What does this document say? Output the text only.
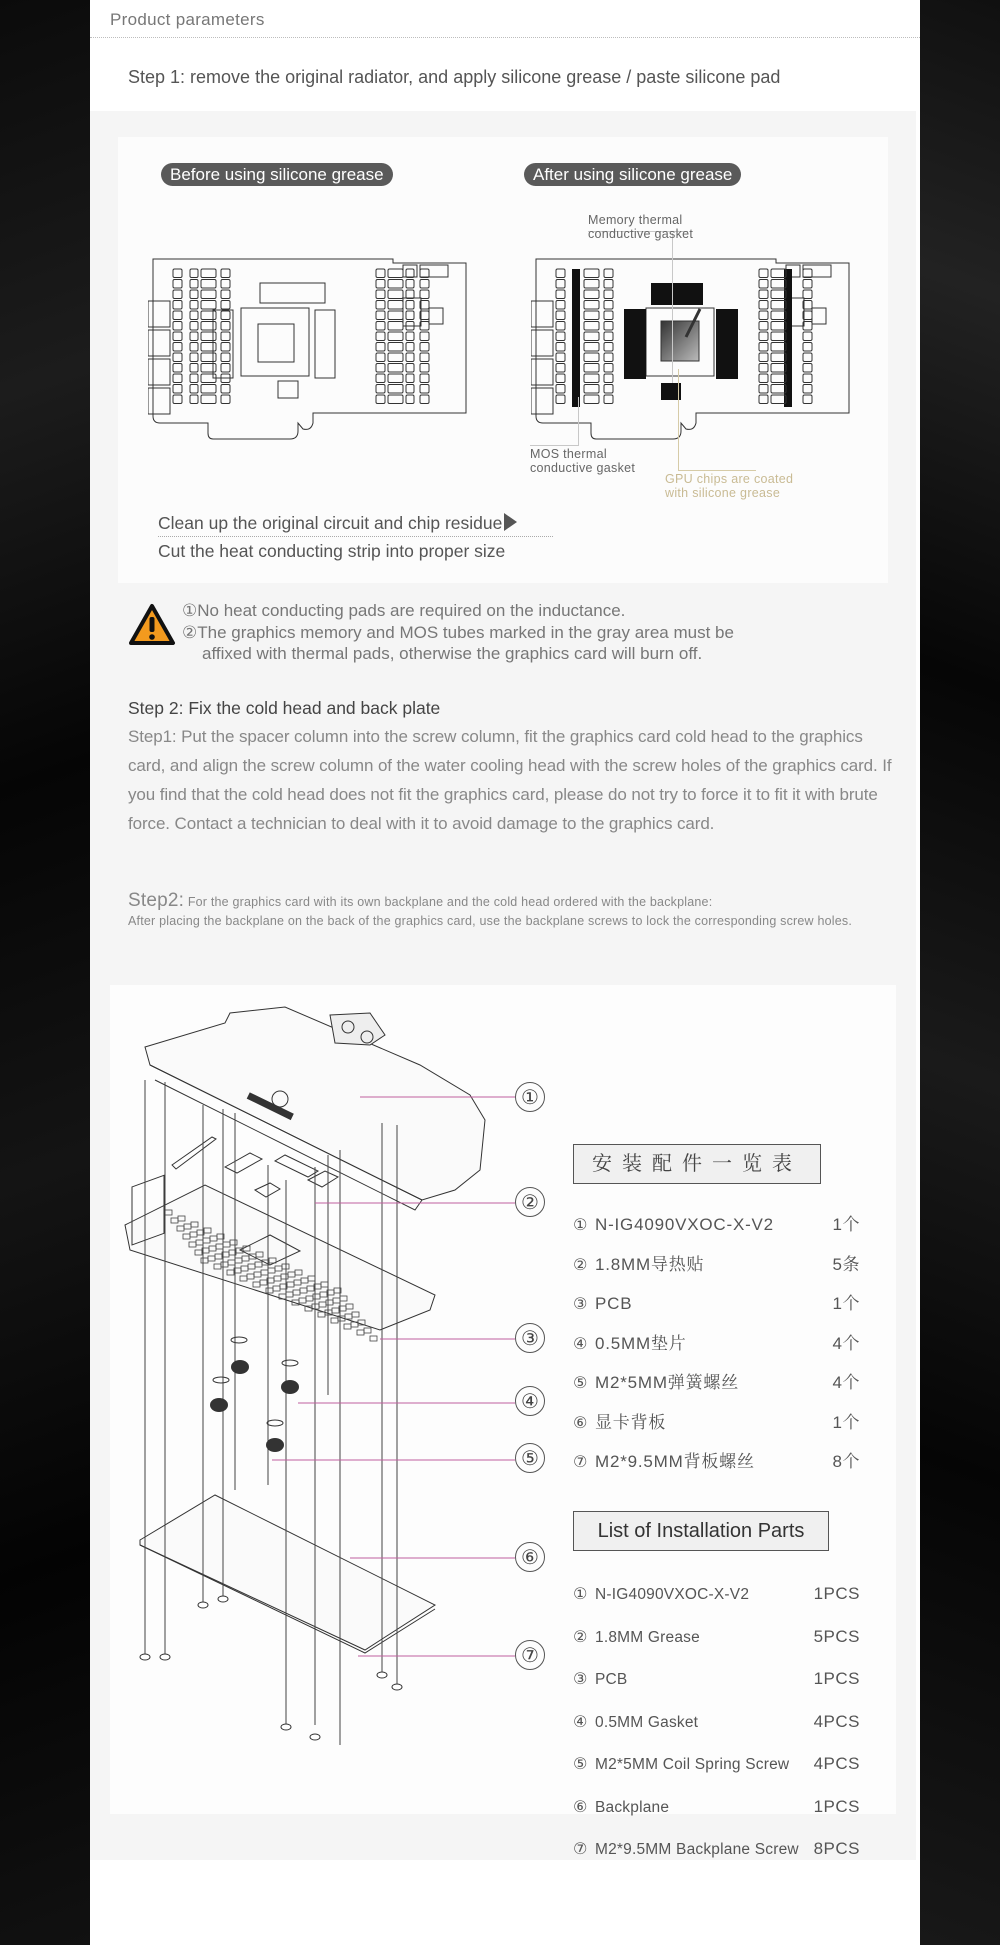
Product parameters
Step 1: remove the original radiator, and apply silicone grease / paste silicone pad
Before using silicone grease	After using silicone grease
Memory thermal
conductive gasket
MOS thermal
conductive gasket
GPU chips are coated
with silicone grease
Clean up the original circuit and chip residue
Cut the heat conducting strip into proper size
①No heat conducting pads are required on the inductance.
②The graphics memory and MOS tubes marked in the gray area must be
affixed with thermal pads, otherwise the graphics card will burn off.
Step 2: Fix the cold head and back plate
Step1: Put the spacer column into the screw column, fit the graphics card cold head to the graphics card, and align the screw column of the water cooling head with the screw holes of the graphics card. If you find that the cold head does not fit the graphics card, please do not try to force it to fit it with brute force. Contact a technician to deal with it to avoid damage to the graphics card.
Step2: For the graphics card with its own backplane and the cold head ordered with the backplane:
After placing the backplane on the back of the graphics card, use the backplane screws to lock the corresponding screw holes.
①
②
③
④
⑤
⑥
⑦
安装配件一览表
① N-IG4090VXOC-X-V2	1个
② 1.8MM导热贴	5条
③ PCB	1个
④ 0.5MM垫片	4个
⑤ M2*5MM弹簧螺丝	4个
⑥ 显卡背板	1个
⑦ M2*9.5MM背板螺丝	8个
List of Installation Parts
① N-IG4090VXOC-X-V2	1PCS
② 1.8MM Grease	5PCS
③ PCB	1PCS
④ 0.5MM Gasket	4PCS
⑤ M2*5MM Coil Spring Screw 4PCS
⑥ Backplane	1PCS
⑦ M2*9.5MM Backplane Screw 8PCS
